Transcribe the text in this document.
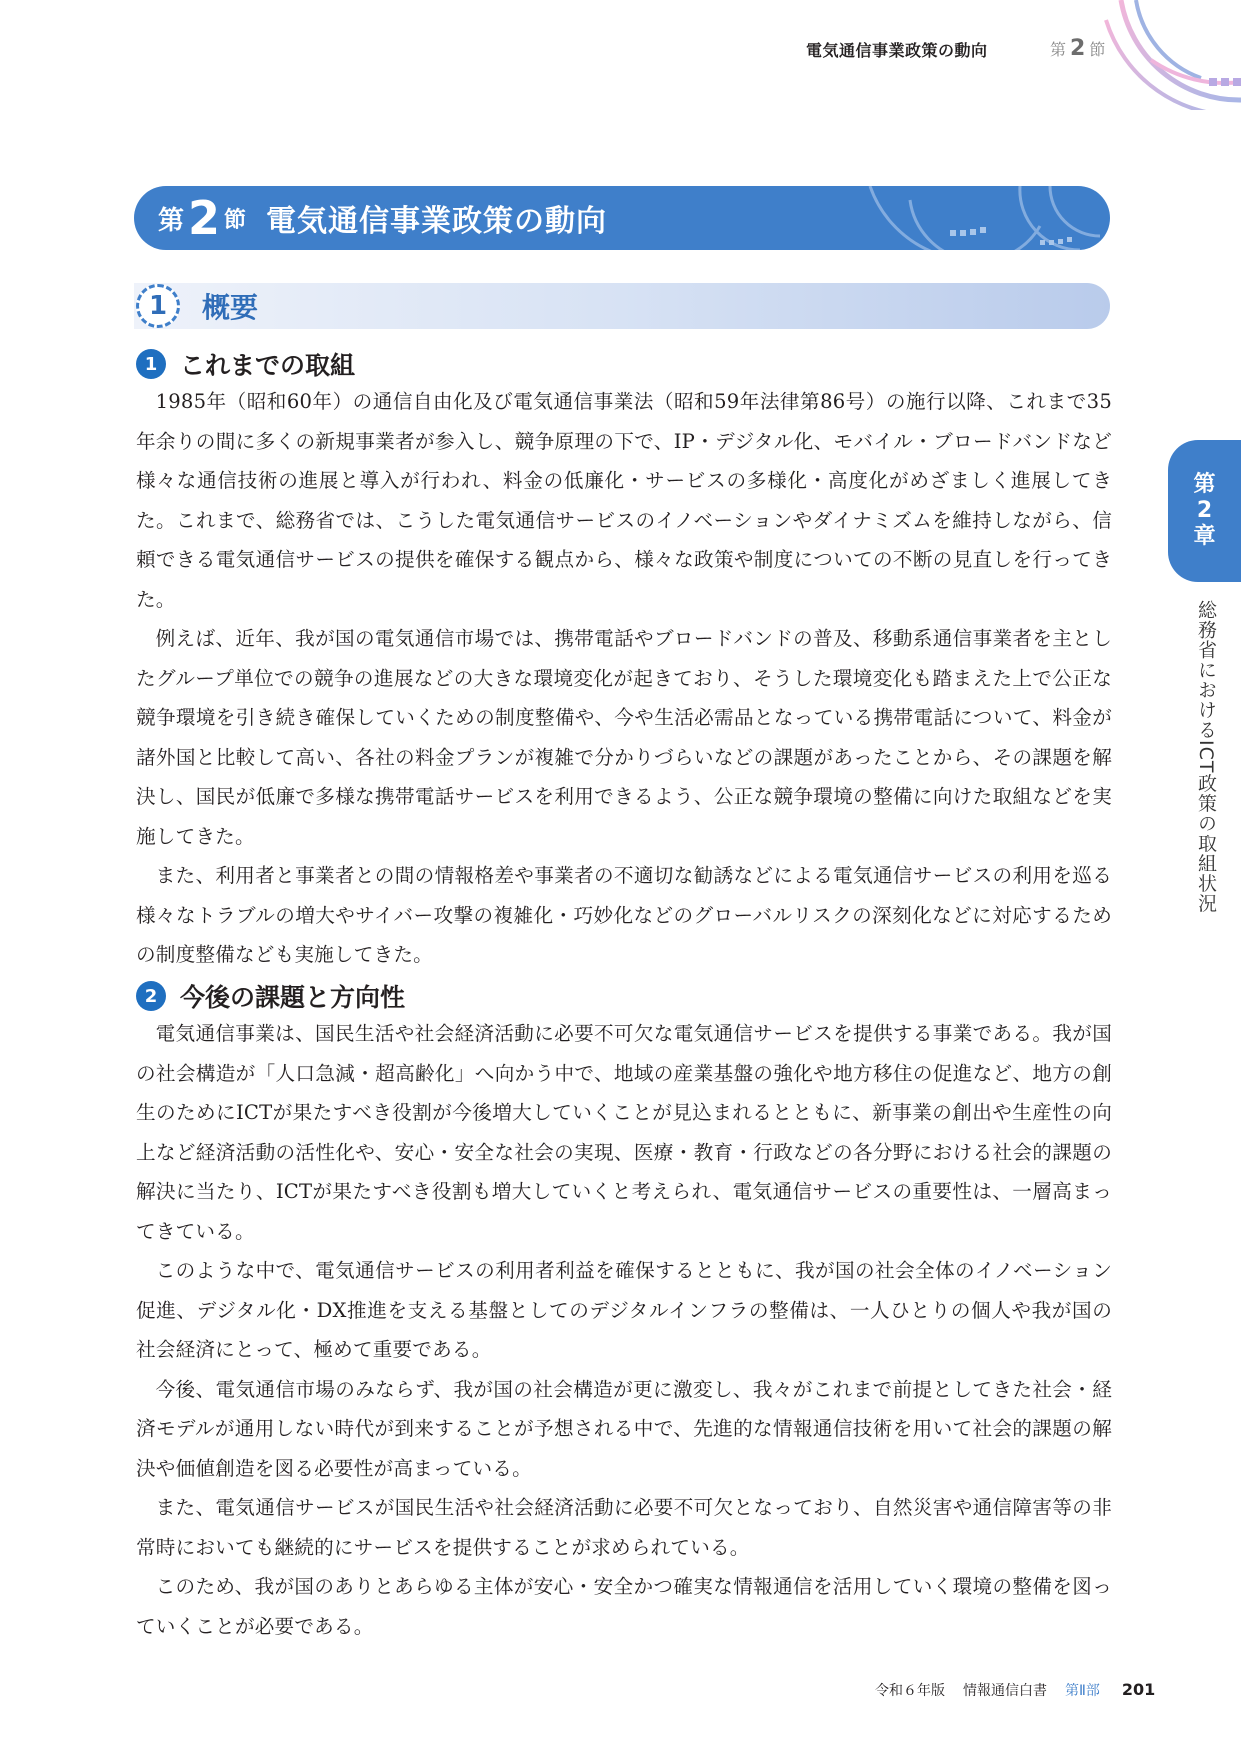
電気通信事業政策の動向	第 2 節
第 2 節 電気通信事業政策の動向
1	概要
1 これまでの取組

1985年（昭和60年）の通信自由化及び電気通信事業法（昭和59年法律第86号）の施行以降、これまで35年余りの間に多くの新規事業者が参入し、競争原理の下で、IP・デジタル化、モバイル・ブロードバンドなど様々な通信技術の進展と導入が行われ、料金の低廉化・サービスの多様化・高度化がめざましく進展してきた。これまで、総務省では、こうした電気通信サービスのイノベーションやダイナミズムを維持しながら、信頼できる電気通信サービスの提供を確保する観点から、様々な政策や制度についての不断の見直しを行ってきた。

例えば、近年、我が国の電気通信市場では、携帯電話やブロードバンドの普及、移動系通信事業者を主としたグループ単位での競争の進展などの大きな環境変化が起きており、そうした環境変化も踏まえた上で公正な競争環境を引き続き確保していくための制度整備や、今や生活必需品となっている携帯電話について、料金が諸外国と比較して高い、各社の料金プランが複雑で分かりづらいなどの課題があったことから、その課題を解決し、国民が低廉で多様な携帯電話サービスを利用できるよう、公正な競争環境の整備に向けた取組などを実施してきた。

また、利用者と事業者との間の情報格差や事業者の不適切な勧誘などによる電気通信サービスの利用を巡る様々なトラブルの増大やサイバー攻撃の複雑化・巧妙化などのグローバルリスクの深刻化などに対応するための制度整備なども実施してきた。

2 今後の課題と方向性

電気通信事業は、国民生活や社会経済活動に必要不可欠な電気通信サービスを提供する事業である。我が国の社会構造が「人口急減・超高齢化」へ向かう中で、地域の産業基盤の強化や地方移住の促進など、地方の創生のためにICTが果たすべき役割が今後増大していくことが見込まれるとともに、新事業の創出や生産性の向上など経済活動の活性化や、安心・安全な社会の実現、医療・教育・行政などの各分野における社会的課題の解決に当たり、ICTが果たすべき役割も増大していくと考えられ、電気通信サービスの重要性は、一層高まってきている。

このような中で、電気通信サービスの利用者利益を確保するとともに、我が国の社会全体のイノベーション促進、デジタル化・DX推進を支える基盤としてのデジタルインフラの整備は、一人ひとりの個人や我が国の社会経済にとって、極めて重要である。

今後、電気通信市場のみならず、我が国の社会構造が更に激変し、我々がこれまで前提としてきた社会・経済モデルが通用しない時代が到来することが予想される中で、先進的な情報通信技術を用いて社会的課題の解決や価値創造を図る必要性が高まっている。

また、電気通信サービスが国民生活や社会経済活動に必要不可欠となっており、自然災害や通信障害等の非常時においても継続的にサービスを提供することが求められている。

このため、我が国のありとあらゆる主体が安心・安全かつ確実な情報通信を活用していく環境の整備を図っていくことが必要である。

第
2
章
総務省におけるICT政策の取組状況
令和６年版 情報通信白書 第Ⅱ部 201
